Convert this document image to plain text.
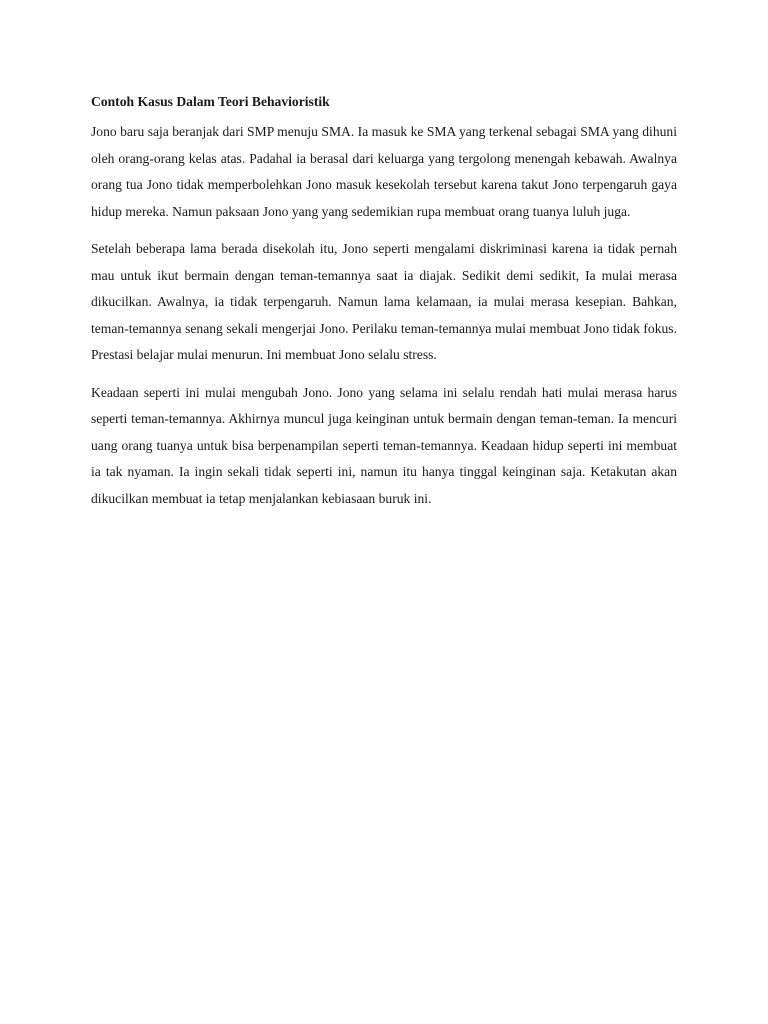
Contoh Kasus Dalam Teori Behavioristik

Jono baru saja beranjak dari SMP menuju SMA. Ia masuk ke SMA yang terkenal sebagai SMA yang dihuni oleh orang-orang kelas atas. Padahal ia berasal dari keluarga yang tergolong menengah kebawah. Awalnya orang tua Jono tidak memperbolehkan Jono masuk kesekolah tersebut karena takut Jono terpengaruh gaya hidup mereka. Namun paksaan Jono yang yang sedemikian rupa membuat orang tuanya luluh juga.

Setelah beberapa lama berada disekolah itu, Jono seperti mengalami diskriminasi karena ia tidak pernah mau untuk ikut bermain dengan teman-temannya saat ia diajak. Sedikit demi sedikit, Ia mulai merasa dikucilkan. Awalnya, ia tidak terpengaruh. Namun lama kelamaan, ia mulai merasa kesepian. Bahkan, teman-temannya senang sekali mengerjai Jono. Perilaku teman-temannya mulai membuat Jono tidak fokus. Prestasi belajar mulai menurun. Ini membuat Jono selalu stress.

Keadaan seperti ini mulai mengubah Jono. Jono yang selama ini selalu rendah hati mulai merasa harus seperti teman-temannya. Akhirnya muncul juga keinginan untuk bermain dengan teman-teman. Ia mencuri uang orang tuanya untuk bisa berpenampilan seperti teman-temannya. Keadaan hidup seperti ini membuat ia tak nyaman. Ia ingin sekali tidak seperti ini, namun itu hanya tinggal keinginan saja. Ketakutan akan dikucilkan membuat ia tetap menjalankan kebiasaan buruk ini.
